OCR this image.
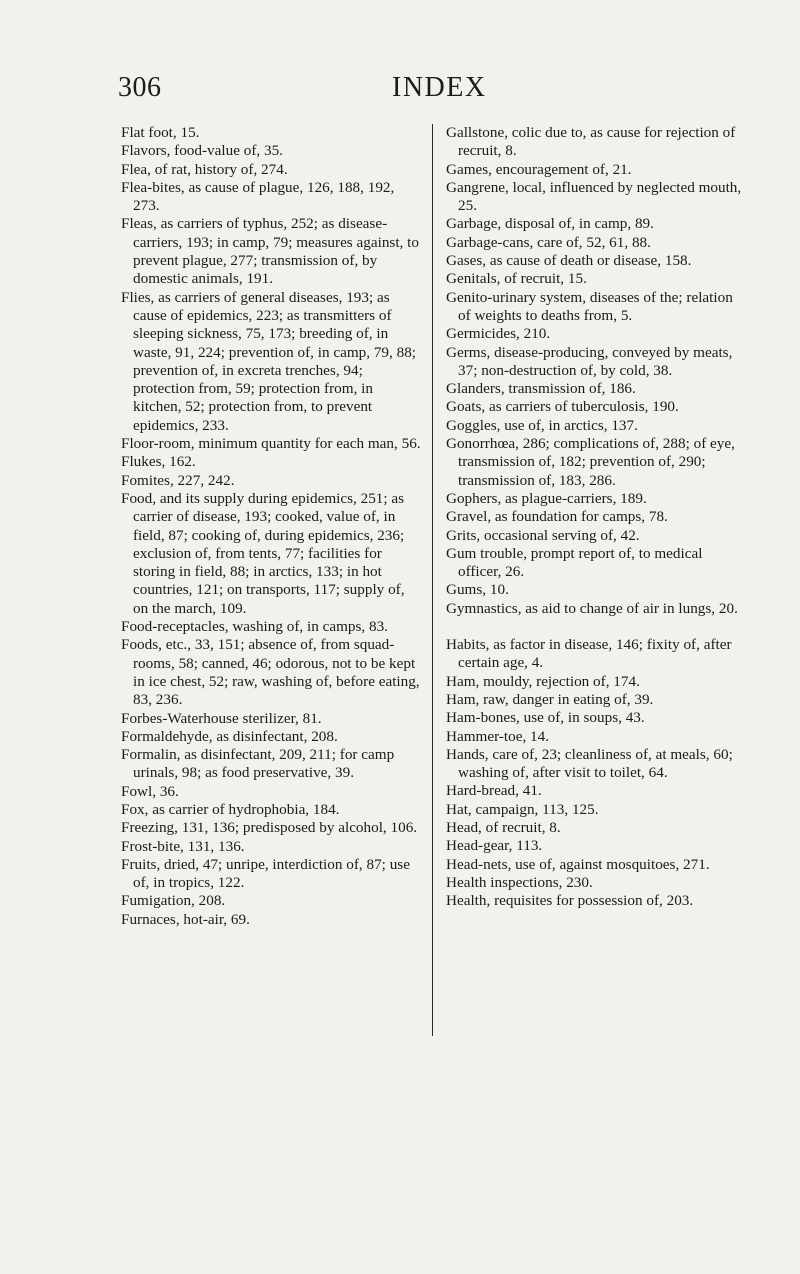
306	INDEX

Flat foot, 15.

Flavors, food-value of, 35.

Flea, of rat, history of, 274.

Flea-bites, as cause of plague, 126, 188, 192, 273.

Fleas, as carriers of typhus, 252; as disease-carriers, 193; in camp, 79; measures against, to prevent plague, 277; transmission of, by domestic animals, 191.

Flies, as carriers of general diseases, 193; as cause of epidemics, 223; as transmitters of sleeping sickness, 75, 173; breeding of, in waste, 91, 224; prevention of, in camp, 79, 88; prevention of, in excreta trenches, 94; protection from, 59; protection from, in kitchen, 52; protection from, to prevent epidemics, 233.

Floor-room, minimum quantity for each man, 56.

Flukes, 162.

Fomites, 227, 242.

Food, and its supply during epidemics, 251; as carrier of disease, 193; cooked, value of, in field, 87; cooking of, during epidemics, 236; exclusion of, from tents, 77; facilities for storing in field, 88; in arctics, 133; in hot countries, 121; on transports, 117; supply of, on the march, 109.

Food-receptacles, washing of, in camps, 83.

Foods, etc., 33, 151; absence of, from squad-rooms, 58; canned, 46; odorous, not to be kept in ice chest, 52; raw, washing of, before eating, 83, 236.

Forbes-Waterhouse sterilizer, 81.

Formaldehyde, as disinfectant, 208.

Formalin, as disinfectant, 209, 211; for camp urinals, 98; as food preservative, 39.

Fowl, 36.

Fox, as carrier of hydrophobia, 184.

Freezing, 131, 136; predisposed by alcohol, 106.

Frost-bite, 131, 136.

Fruits, dried, 47; unripe, interdiction of, 87; use of, in tropics, 122.

Fumigation, 208.

Furnaces, hot-air, 69.

Gallstone, colic due to, as cause for rejection of recruit, 8.

Games, encouragement of, 21.

Gangrene, local, influenced by neglected mouth, 25.

Garbage, disposal of, in camp, 89.

Garbage-cans, care of, 52, 61, 88.

Gases, as cause of death or disease, 158.

Genitals, of recruit, 15.

Genito-urinary system, diseases of the; relation of weights to deaths from, 5.

Germicides, 210.

Germs, disease-producing, conveyed by meats, 37; non-destruction of, by cold, 38.

Glanders, transmission of, 186.

Goats, as carriers of tuberculosis, 190.

Goggles, use of, in arctics, 137.

Gonorrhœa, 286; complications of, 288; of eye, transmission of, 182; prevention of, 290; transmission of, 183, 286.

Gophers, as plague-carriers, 189.

Gravel, as foundation for camps, 78.

Grits, occasional serving of, 42.

Gum trouble, prompt report of, to medical officer, 26.

Gums, 10.

Gymnastics, as aid to change of air in lungs, 20.

Habits, as factor in disease, 146; fixity of, after certain age, 4.

Ham, mouldy, rejection of, 174.

Ham, raw, danger in eating of, 39.

Ham-bones, use of, in soups, 43.

Hammer-toe, 14.

Hands, care of, 23; cleanliness of, at meals, 60; washing of, after visit to toilet, 64.

Hard-bread, 41.

Hat, campaign, 113, 125.

Head, of recruit, 8.

Head-gear, 113.

Head-nets, use of, against mosquitoes, 271.

Health inspections, 230.

Health, requisites for possession of, 203.
